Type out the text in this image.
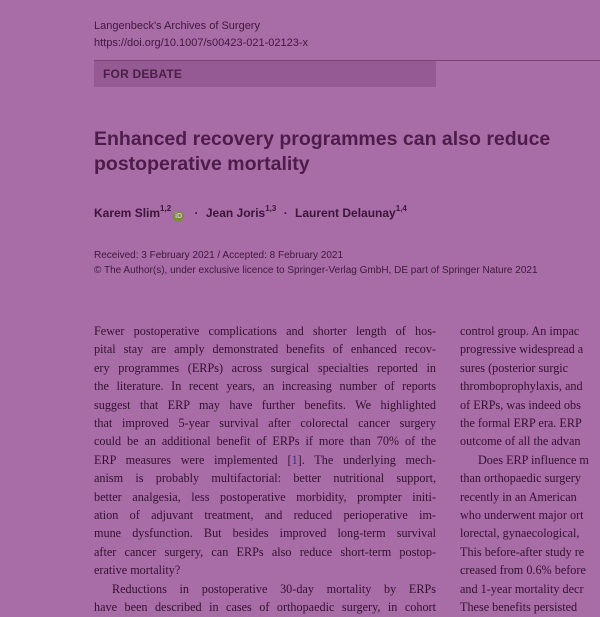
Langenbeck's Archives of Surgery
https://doi.org/10.1007/s00423-021-02123-x
FOR DEBATE
Enhanced recovery programmes can also reduce
postoperative mortality
Karem Slim$^{1,2}$iD · Jean Joris$^{1,3}$ · Laurent Delaunay$^{1,4}$
Received: 3 February 2021 / Accepted: 8 February 2021
© The Author(s), under exclusive licence to Springer-Verlag GmbH, DE part of Springer Nature 2021
Fewer postoperative complications and shorter length of hos-
pital stay are amply demonstrated benefits of enhanced recov-
ery programmes (ERPs) across surgical specialties reported in
the literature. In recent years, an increasing number of reports
suggest that ERP may have further benefits. We highlighted
that improved 5-year survival after colorectal cancer surgery
could be an additional benefit of ERPs if more than 70% of the
ERP measures were implemented [1]. The underlying mech-
anism is probably multifactorial: better nutritional support,
better analgesia, less postoperative morbidity, prompter initi-
ation of adjuvant treatment, and reduced perioperative im-
mune dysfunction. But besides improved long-term survival
after cancer surgery, can ERPs also reduce short-term postop-
erative mortality?
Reductions in postoperative 30-day mortality by ERPs
have been described in cases of orthopaedic surgery, in cohort
control group. An impac
progressive widespread a
sures (posterior surgic
thromboprophylaxis, and
of ERPs, was indeed obs
the formal ERP era. ERP
outcome of all the advan
Does ERP influence m
than orthopaedic surgery
recently in an American
who underwent major ort
lorectal, gynaecological,
This before-after study re
creased from 0.6% before
and 1-year mortality decr
These benefits persisted
